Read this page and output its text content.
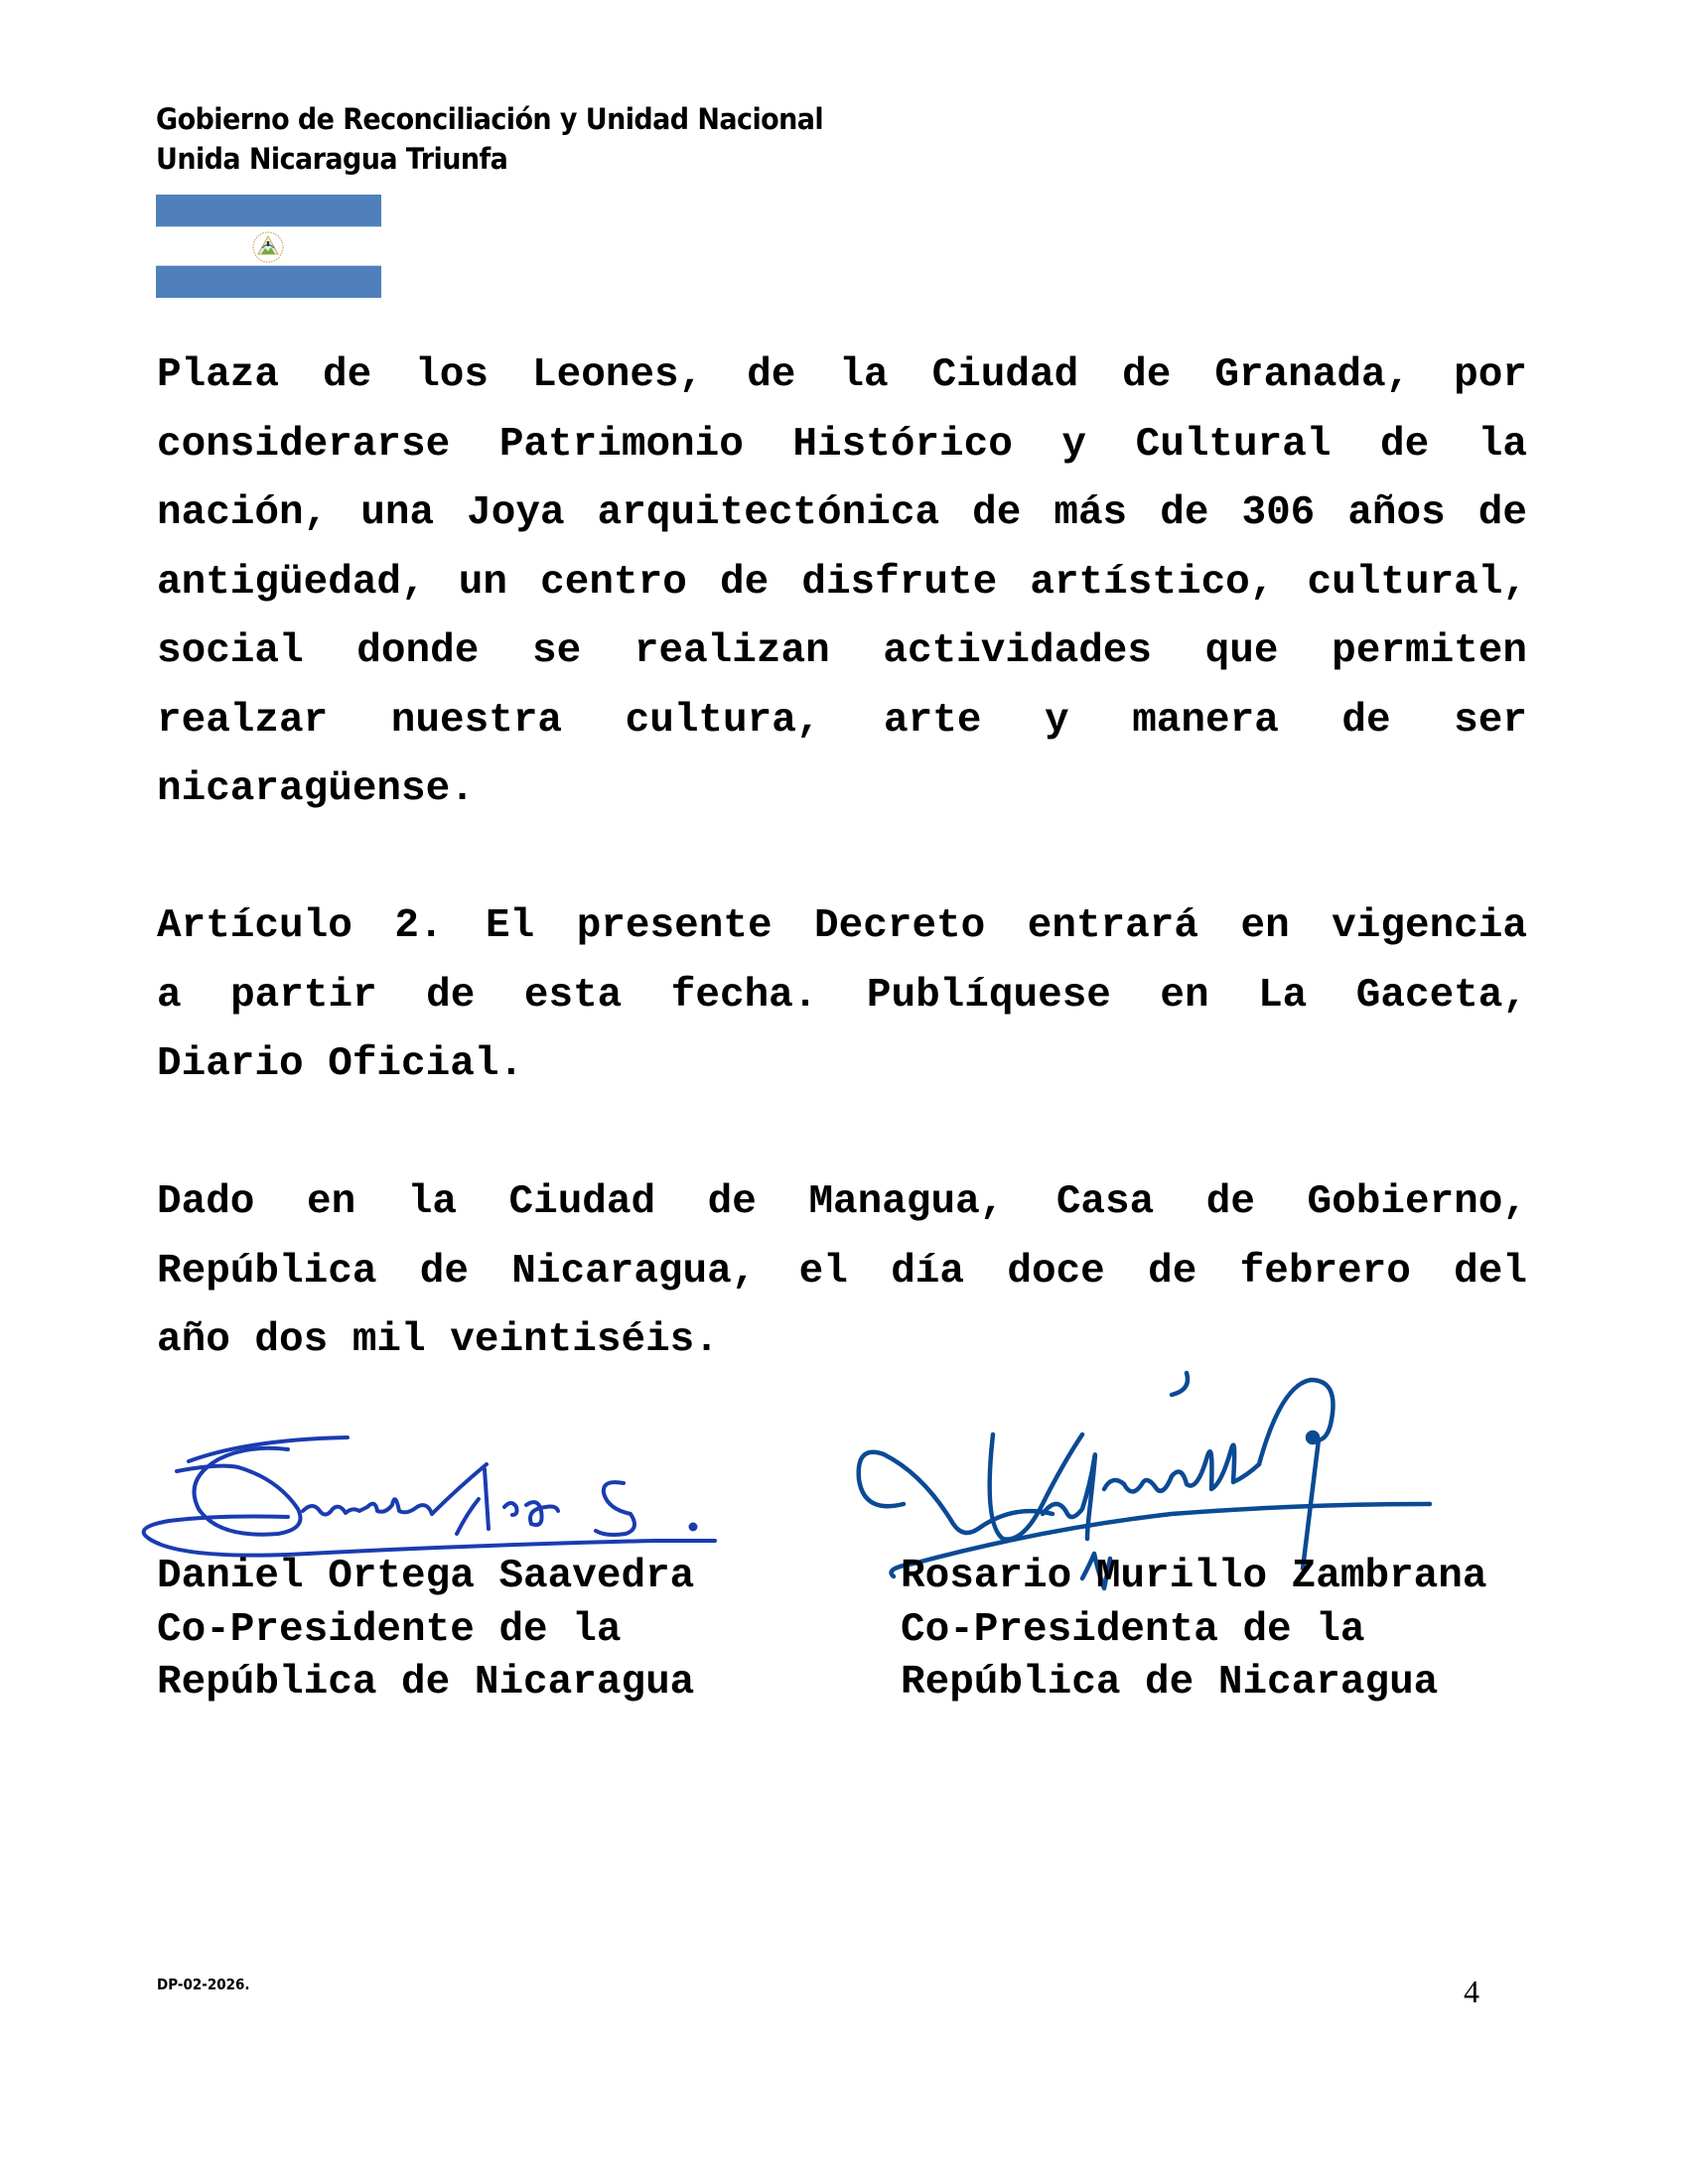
Gobierno de Reconciliación y Unidad Nacional
Unida Nicaragua Triunfa
Plaza de los Leones, de la Ciudad de Granada, por
considerarse Patrimonio Histórico y Cultural de la
nación, una Joya arquitectónica de más de 306 años de
antigüedad, un centro de disfrute artístico, cultural,
social donde se realizan actividades que permiten
realzar nuestra cultura, arte y manera de ser
nicaragüense.
Artículo 2. El presente Decreto entrará en vigencia
a partir de esta fecha. Publíquese en La Gaceta,
Diario Oficial.
Dado en la Ciudad de Managua, Casa de Gobierno,
República de Nicaragua, el día doce de febrero del
año dos mil veintiséis.
Daniel Ortega Saavedra
Co-Presidente de la
República de Nicaragua
Rosario Murillo Zambrana
Co-Presidenta de la
República de Nicaragua
DP-02-2026.	4
